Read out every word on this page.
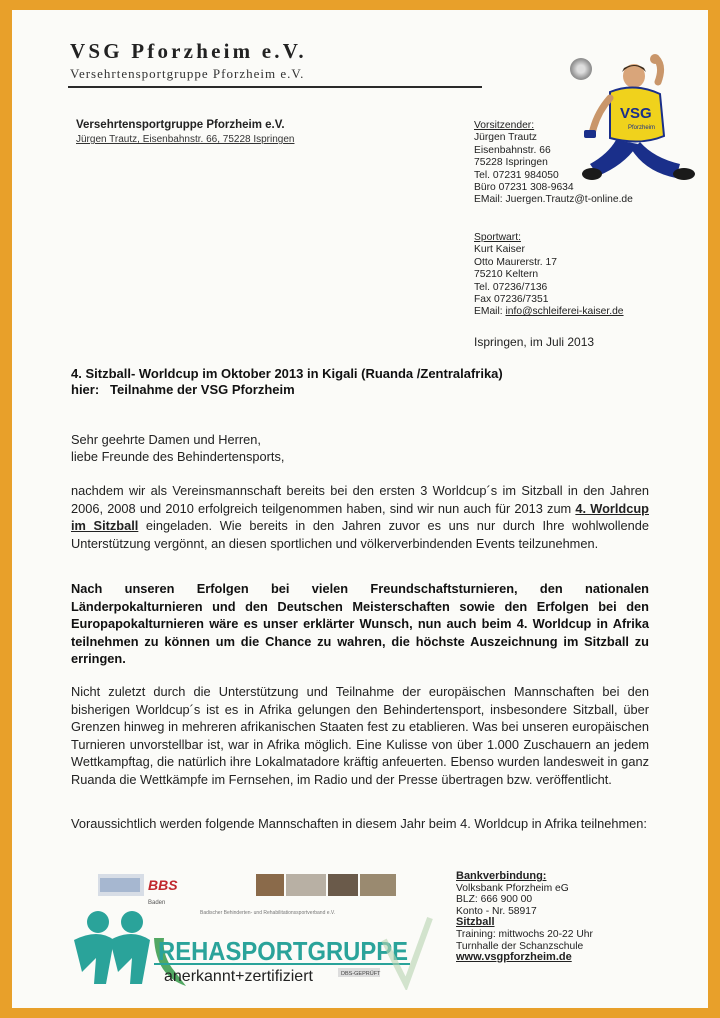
VSG Pforzheim e.V.
Versehrtensportgruppe Pforzheim e.V.
VSG
Pforzheim
Versehrtensportgruppe Pforzheim e.V.
Jürgen Trautz, Eisenbahnstr. 66, 75228 Ispringen
Vorsitzender:
Jürgen Trautz
Eisenbahnstr. 66
75228 Ispringen
Tel. 07231 984050
Büro 07231 308-9634
EMail: Juergen.Trautz@t-online.de
Sportwart:
Kurt Kaiser
Otto Maurerstr. 17
75210 Keltern
Tel. 07236/7136
Fax 07236/7351
EMail: info@schleiferei-kaiser.de
Ispringen, im Juli 2013
4. Sitzball- Worldcup im Oktober 2013 in Kigali (Ruanda /Zentralafrika)
hier: Teilnahme der VSG Pforzheim
Sehr geehrte Damen und Herren,
liebe Freunde des Behindertensports,
nachdem wir als Vereinsmannschaft bereits bei den ersten 3 Worldcup´s im Sitzball in den Jahren 2006, 2008 und 2010 erfolgreich teilgenommen haben, sind wir nun auch für 2013 zum 4. Worldcup im Sitzball eingeladen. Wie bereits in den Jahren zuvor es uns nur durch Ihre wohlwollende Unterstützung vergönnt, an diesen sportlichen und völkerverbindenden Events teilzunehmen.
Nach unseren Erfolgen bei vielen Freundschaftsturnieren, den nationalen Länderpokalturnieren und den Deutschen Meisterschaften sowie den Erfolgen bei den Europapokalturnieren wäre es unser erklärter Wunsch, nun auch beim 4. Worldcup in Afrika teilnehmen zu können um die Chance zu wahren, die höchste Auszeichnung im Sitzball zu erringen.
Nicht zuletzt durch die Unterstützung und Teilnahme der europäischen Mannschaften bei den bisherigen Worldcup´s ist es in Afrika gelungen den Behindertensport, insbesondere Sitzball, über Grenzen hinweg in mehreren afrikanischen Staaten fest zu etablieren. Was bei unseren europäischen Turnieren unvorstellbar ist, war in Afrika möglich. Eine Kulisse von über 1.000 Zuschauern an jedem Wettkampftag, die natürlich ihre Lokalmatadore kräftig anfeuerten. Ebenso wurden landesweit in ganz Ruanda die Wettkämpfe im Fernsehen, im Radio und der Presse übertragen bzw. veröffentlicht.
Voraussichtlich werden folgende Mannschaften in diesem Jahr beim 4. Worldcup in Afrika teilnehmen:
BBS
Baden
Badischer Behinderten- und Rehabilitationssportverband e.V.
REHASPORTGRUPPE
anerkannt+zertifiziert	DBS-GEPRÜFT
Bankverbindung:
Volksbank Pforzheim eG
BLZ: 666 900 00
Konto - Nr. 58917
Sitzball
Training: mittwochs 20-22 Uhr
Turnhalle der Schanzschule
www.vsgpforzheim.de
